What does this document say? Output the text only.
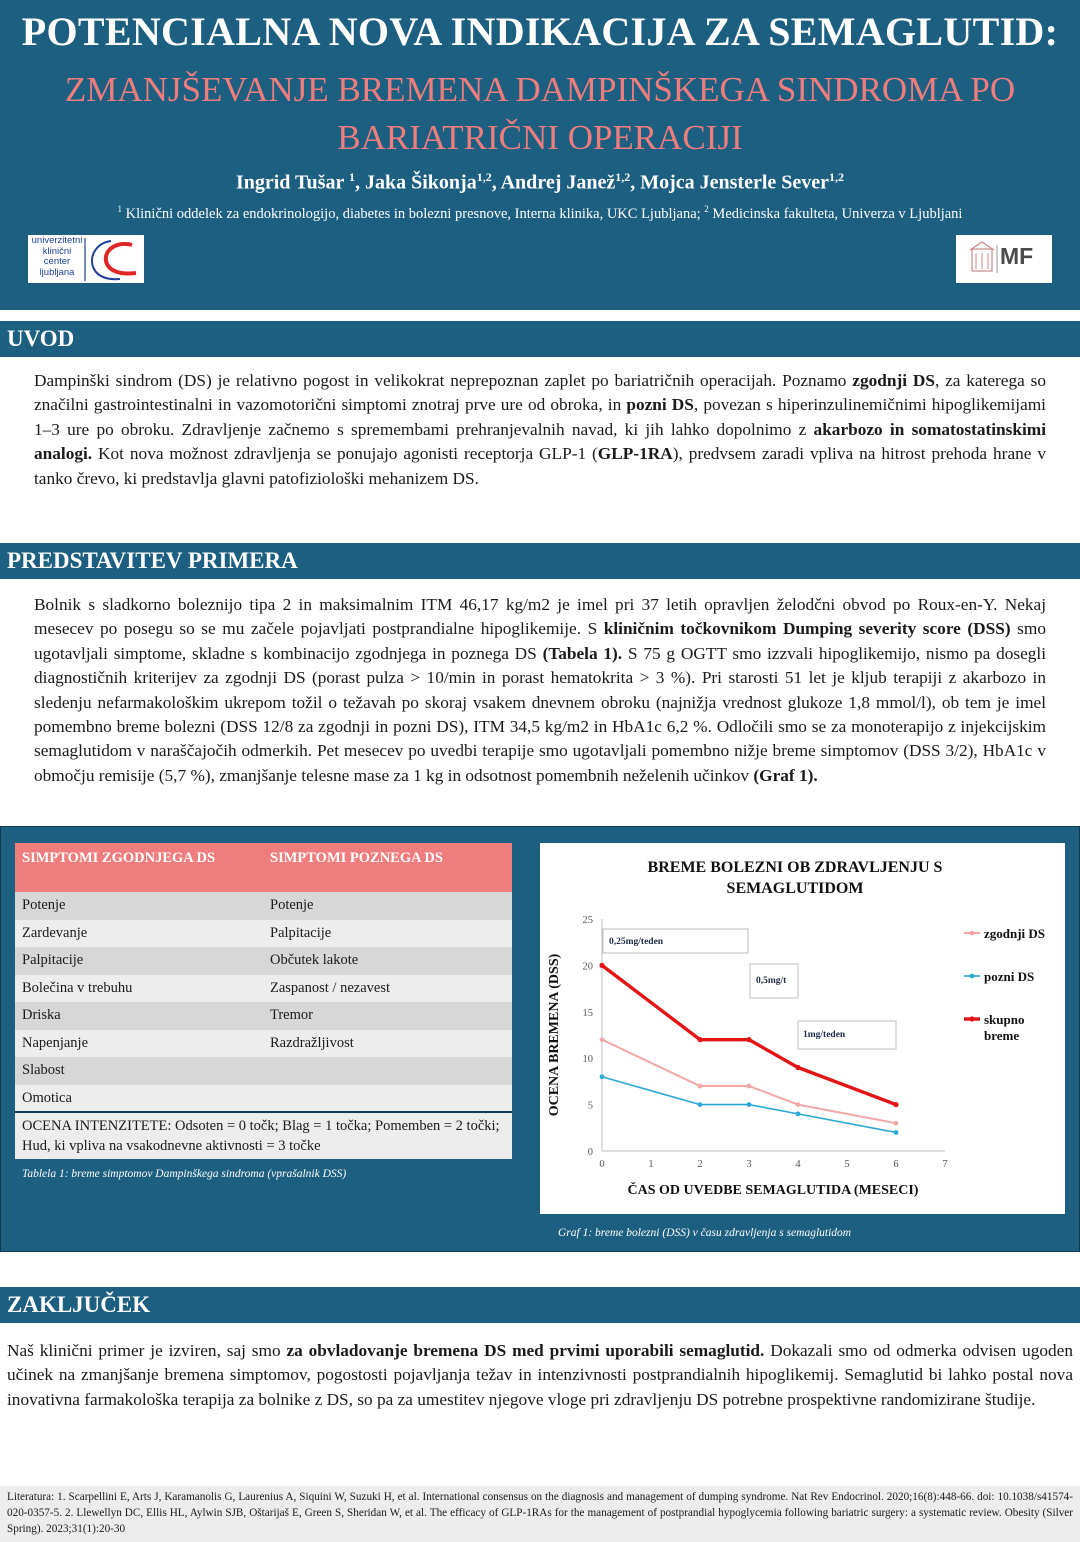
POTENCIALNA NOVA INDIKACIJA ZA SEMAGLUTID:
ZMANJŠEVANJE BREMENA DAMPINŠKEGA SINDROMA PO BARIATRIČNI OPERACIJI
Ingrid Tušar $^1$, Jaka Šikonja$^{1,2}$, Andrej Janež$^{1,2}$, Mojca Jensterle Sever$^{1,2}$
$^1$ Klinični oddelek za endokrinologijo, diabetes in bolezni presnove, Interna klinika, UKC Ljubljana; $^2$ Medicinska fakulteta, Univerza v Ljubljani
univerzitetni
klinični
center
ljubljana
MF
UVOD
Dampinški sindrom (DS) je relativno pogost in velikokrat neprepoznan zaplet po bariatričnih operacijah. Poznamo zgodnji DS, za katerega so značilni gastrointestinalni in vazomotorični simptomi znotraj prve ure od obroka, in pozni DS, povezan s hiperinzulinemičnimi hipoglikemijami 1–3 ure po obroku. Zdravljenje začnemo s spremembami prehranjevalnih navad, ki jih lahko dopolnimo z akarbozo in somatostatinskimi analogi. Kot nova možnost zdravljenja se ponujajo agonisti receptorja GLP-1 (GLP-1RA), predvsem zaradi vpliva na hitrost prehoda hrane v tanko črevo, ki predstavlja glavni patofiziološki mehanizem DS.
PREDSTAVITEV PRIMERA
Bolnik s sladkorno boleznijo tipa 2 in maksimalnim ITM 46,17 kg/m2 je imel pri 37 letih opravljen želodčni obvod po Roux-en-Y. Nekaj mesecev po posegu so se mu začele pojavljati postprandialne hipoglikemije. S kliničnim točkovnikom Dumping severity score (DSS) smo ugotavljali simptome, skladne s kombinacijo zgodnjega in poznega DS (Tabela 1). S 75 g OGTT smo izzvali hipoglikemijo, nismo pa dosegli diagnostičnih kriterijev za zgodnji DS (porast pulza > 10/min in porast hematokrita > 3 %). Pri starosti 51 let je kljub terapiji z akarbozo in sledenju nefarmakološkim ukrepom tožil o težavah po skoraj vsakem dnevnem obroku (najnižja vrednost glukoze 1,8 mmol/l), ob tem je imel pomembno breme bolezni (DSS 12/8 za zgodnji in pozni DS), ITM 34,5 kg/m2 in HbA1c 6,2 %. Odločili smo se za monoterapijo z injekcijskim semaglutidom v naraščajočih odmerkih. Pet mesecev po uvedbi terapije smo ugotavljali pomembno nižje breme simptomov (DSS 3/2), HbA1c v območju remisije (5,7 %), zmanjšanje telesne mase za 1 kg in odsotnost pomembnih neželenih učinkov (Graf 1).
SIMPTOMI ZGODNJEGA DS	SIMPTOMI POZNEGA DS
Potenje	Potenje
Zardevanje	Palpitacije
Palpitacije	Občutek lakote
Bolečina v trebuhu	Zaspanost / nezavest
Driska	Tremor
Napenjanje	Razdražljivost
Slabost	
Omotica	
OCENA INTENZITETE: Odsoten = 0 točk; Blag = 1 točka; Pomemben = 2 točki; Hud, ki vpliva na vsakodnevne aktivnosti = 3 točke
Tablela 1: breme simptomov Dampinškega sindroma (vprašalnik DSS)
BREME BOLEZNI OB ZDRAVLJENJU S
SEMAGLUTIDOM
0	1	2	3	4	5	6	7
0
5
10
15
20
25
ČAS OD UVEDBE SEMAGLUTIDA (MESECI)
OCENA BREMENA (DSS)
0,25mg/teden
0,5mg/t
1mg/teden
zgodnji DS
pozni DS
skupno
breme
Graf 1: breme bolezni (DSS) v času zdravljenja s semaglutidom
ZAKLJUČEK
Naš klinični primer je izviren, saj smo za obvladovanje bremena DS med prvimi uporabili semaglutid. Dokazali smo od odmerka odvisen ugoden učinek na zmanjšanje bremena simptomov, pogostosti pojavljanja težav in intenzivnosti postprandialnih hipoglikemij. Semaglutid bi lahko postal nova inovativna farmakološka terapija za bolnike z DS, so pa za umestitev njegove vloge pri zdravljenju DS potrebne prospektivne randomizirane študije.
Literatura: 1. Scarpellini E, Arts J, Karamanolis G, Laurenius A, Siquini W, Suzuki H, et al. International consensus on the diagnosis and management of dumping syndrome. Nat Rev Endocrinol. 2020;16(8):448-66. doi: 10.1038/s41574-020-0357-5. 2. Llewellyn DC, Ellis HL, Aylwin SJB, Oštarijaš E, Green S, Sheridan W, et al. The efficacy of GLP-1RAs for the management of postprandial hypoglycemia following bariatric surgery: a systematic review. Obesity (Silver Spring). 2023;31(1):20-30
